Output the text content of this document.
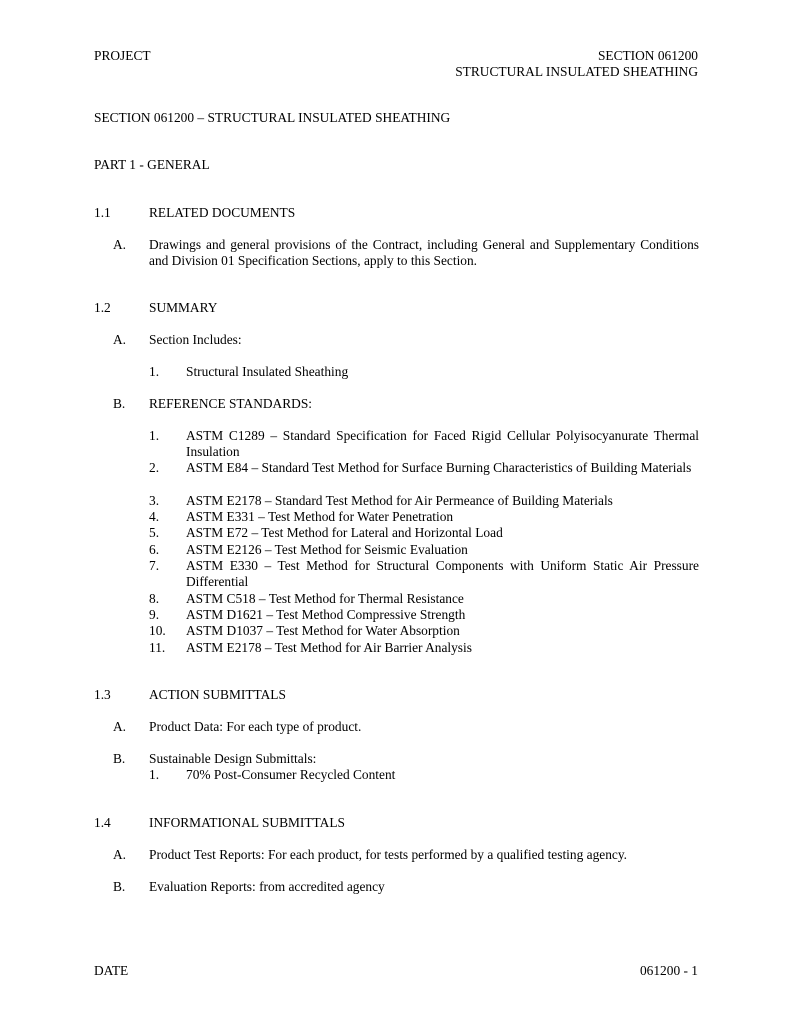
PROJECT	SECTION 061200
STRUCTURAL INSULATED SHEATHING
SECTION 061200 – STRUCTURAL INSULATED SHEATHING
PART 1 - GENERAL
1.1	RELATED DOCUMENTS
A. Drawings and general provisions of the Contract, including General and Supplementary Conditions and Division 01 Specification Sections, apply to this Section.
1.2	SUMMARY
A. Section Includes:
1. Structural Insulated Sheathing
B. REFERENCE STANDARDS:
1. ASTM C1289 – Standard Specification for Faced Rigid Cellular Polyisocyanurate Thermal Insulation
2. ASTM E84 – Standard Test Method for Surface Burning Characteristics of Building Materials
3. ASTM E2178 – Standard Test Method for Air Permeance of Building Materials
4. ASTM E331 – Test Method for Water Penetration
5. ASTM E72 – Test Method for Lateral and Horizontal Load
6. ASTM E2126 – Test Method for Seismic Evaluation
7. ASTM E330 – Test Method for Structural Components with Uniform Static Air Pressure Differential
8. ASTM C518 – Test Method for Thermal Resistance
9. ASTM D1621 – Test Method Compressive Strength
10. ASTM D1037 – Test Method for Water Absorption
11. ASTM E2178 – Test Method for Air Barrier Analysis
1.3	ACTION SUBMITTALS
A. Product Data: For each type of product.
B. Sustainable Design Submittals:
1. 70% Post-Consumer Recycled Content
1.4	INFORMATIONAL SUBMITTALS
A. Product Test Reports: For each product, for tests performed by a qualified testing agency.
B. Evaluation Reports: from accredited agency
DATE	061200 - 1
